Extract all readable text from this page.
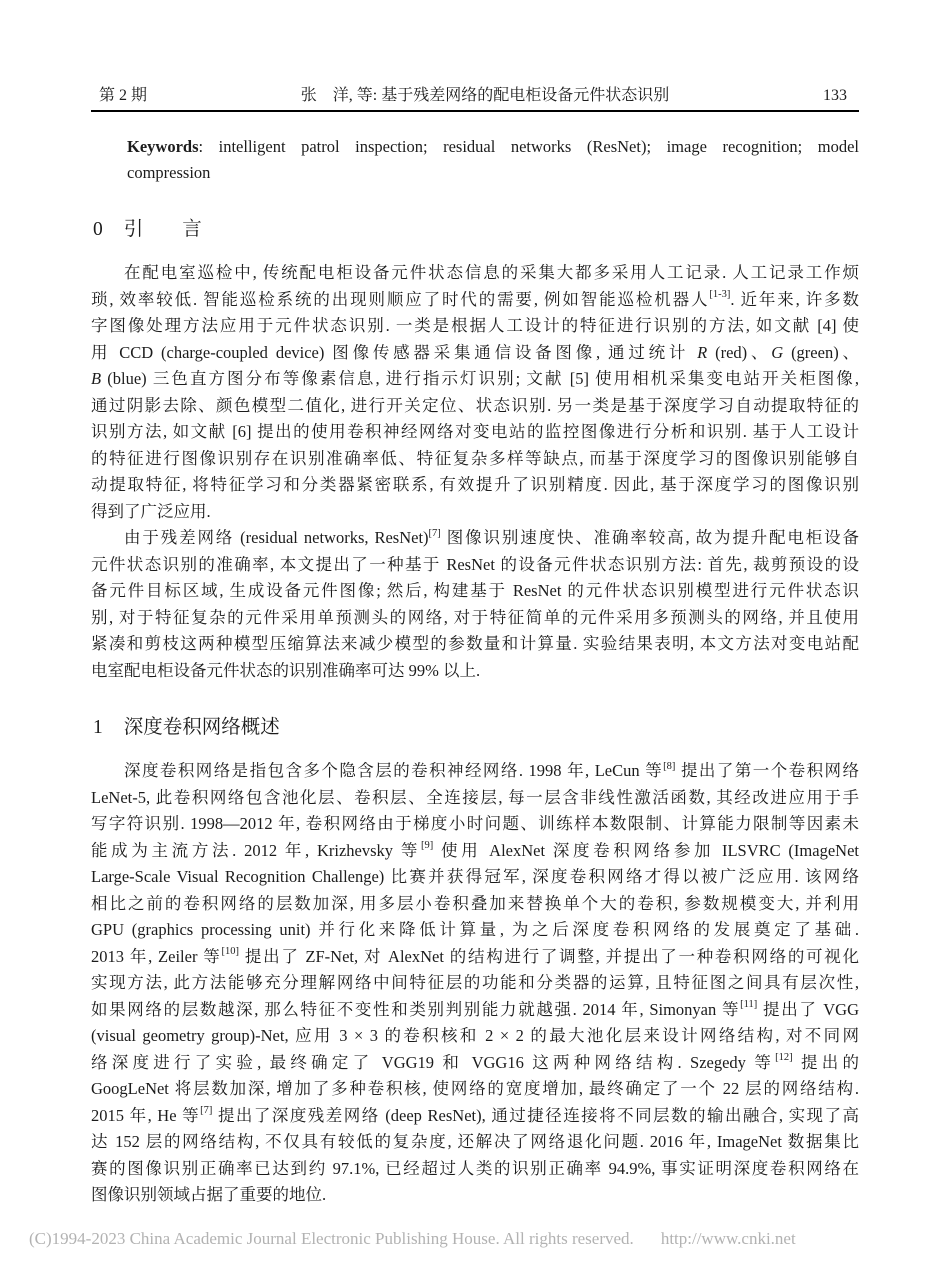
第 2 期	张　洋, 等: 基于残差网络的配电柜设备元件状态识别	133
Keywords: intelligent patrol inspection; residual networks (ResNet); image recognition; model
compression
0 引　　言
在配电室巡检中, 传统配电柜设备元件状态信息的采集大都多采用人工记录. 人工记录工作烦
琐, 效率较低. 智能巡检系统的出现则顺应了时代的需要, 例如智能巡检机器人[1-3]. 近年来, 许多数
字图像处理方法应用于元件状态识别. 一类是根据人工设计的特征进行识别的方法, 如文献 [4] 使
用 CCD (charge-coupled device) 图像传感器采集通信设备图像, 通过统计 R (red)、G (green)、
B (blue) 三色直方图分布等像素信息, 进行指示灯识别; 文献 [5] 使用相机采集变电站开关柜图像,
通过阴影去除、颜色模型二值化, 进行开关定位、状态识别. 另一类是基于深度学习自动提取特征的
识别方法, 如文献 [6] 提出的使用卷积神经网络对变电站的监控图像进行分析和识别. 基于人工设计
的特征进行图像识别存在识别准确率低、特征复杂多样等缺点, 而基于深度学习的图像识别能够自
动提取特征, 将特征学习和分类器紧密联系, 有效提升了识别精度. 因此, 基于深度学习的图像识别
得到了广泛应用.
由于残差网络 (residual networks, ResNet)[7] 图像识别速度快、准确率较高, 故为提升配电柜设备
元件状态识别的准确率, 本文提出了一种基于 ResNet 的设备元件状态识别方法: 首先, 裁剪预设的设
备元件目标区域, 生成设备元件图像; 然后, 构建基于 ResNet 的元件状态识别模型进行元件状态识
别, 对于特征复杂的元件采用单预测头的网络, 对于特征简单的元件采用多预测头的网络, 并且使用
紧凑和剪枝这两种模型压缩算法来减少模型的参数量和计算量. 实验结果表明, 本文方法对变电站配
电室配电柜设备元件状态的识别准确率可达 99% 以上.
1 深度卷积网络概述
深度卷积网络是指包含多个隐含层的卷积神经网络. 1998 年, LeCun 等[8] 提出了第一个卷积网络
LeNet-5, 此卷积网络包含池化层、卷积层、全连接层, 每一层含非线性激活函数, 其经改进应用于手
写字符识别. 1998—2012 年, 卷积网络由于梯度小时问题、训练样本数限制、计算能力限制等因素未
能成为主流方法. 2012 年, Krizhevsky 等[9] 使用 AlexNet 深度卷积网络参加 ILSVRC (ImageNet
Large-Scale Visual Recognition Challenge) 比赛并获得冠军, 深度卷积网络才得以被广泛应用. 该网络
相比之前的卷积网络的层数加深, 用多层小卷积叠加来替换单个大的卷积, 参数规模变大, 并利用
GPU (graphics processing unit) 并行化来降低计算量, 为之后深度卷积网络的发展奠定了基础.
2013 年, Zeiler 等[10] 提出了 ZF-Net, 对 AlexNet 的结构进行了调整, 并提出了一种卷积网络的可视化
实现方法, 此方法能够充分理解网络中间特征层的功能和分类器的运算, 且特征图之间具有层次性,
如果网络的层数越深, 那么特征不变性和类别判别能力就越强. 2014 年, Simonyan 等[11] 提出了 VGG
(visual geometry group)-Net, 应用 3 × 3 的卷积核和 2 × 2 的最大池化层来设计网络结构, 对不同网
络深度进行了实验, 最终确定了 VGG19 和 VGG16 这两种网络结构. Szegedy 等[12] 提出的
GoogLeNet 将层数加深, 增加了多种卷积核, 使网络的宽度增加, 最终确定了一个 22 层的网络结构.
2015 年, He 等[7] 提出了深度残差网络 (deep ResNet), 通过捷径连接将不同层数的输出融合, 实现了高
达 152 层的网络结构, 不仅具有较低的复杂度, 还解决了网络退化问题. 2016 年, ImageNet 数据集比
赛的图像识别正确率已达到约 97.1%, 已经超过人类的识别正确率 94.9%, 事实证明深度卷积网络在
图像识别领域占据了重要的地位.
(C)1994-2023 China Academic Journal Electronic Publishing House. All rights reserved. http://www.cnki.net
